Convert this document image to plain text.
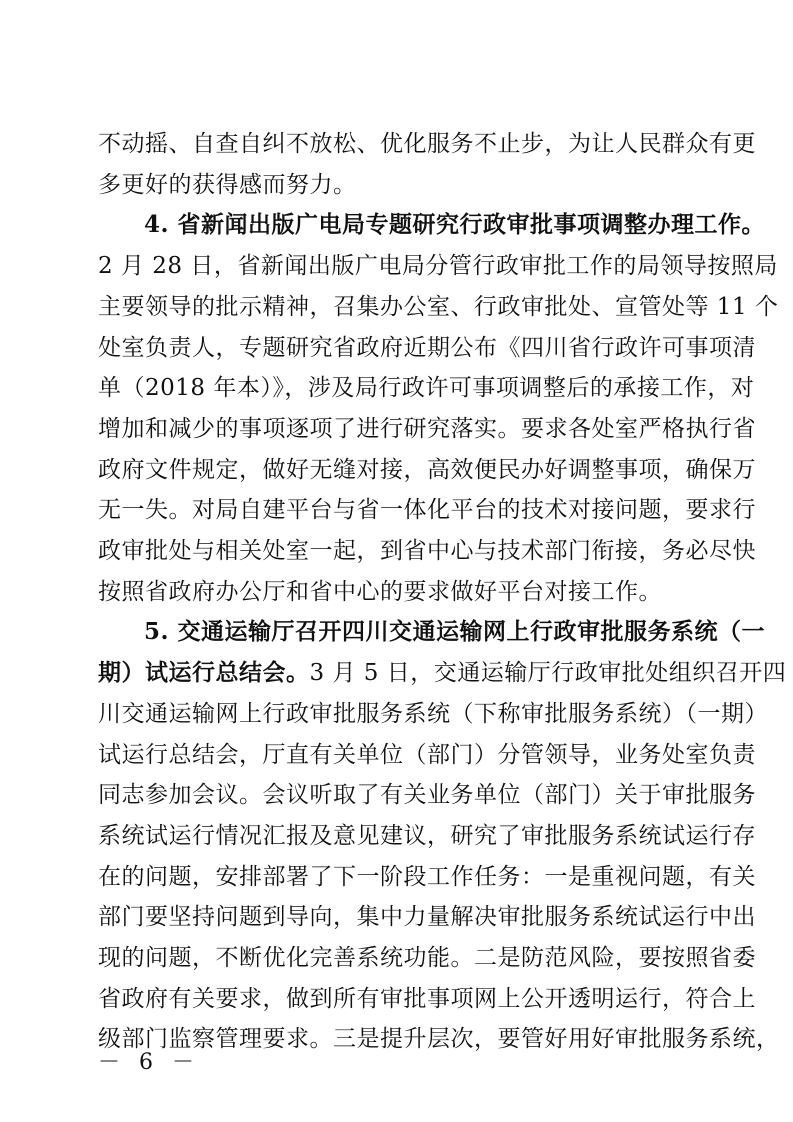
不动摇、自查自纠不放松、优化服务不止步，为让人民群众有更
多更好的获得感而努力。
4. 省新闻出版广电局专题研究行政审批事项调整办理工作。
2 月 28 日，省新闻出版广电局分管行政审批工作的局领导按照局
主要领导的批示精神，召集办公室、行政审批处、宣管处等 11 个
处室负责人，专题研究省政府近期公布《四川省行政许可事项清
单（2018 年本）》，涉及局行政许可事项调整后的承接工作，对
增加和减少的事项逐项了进行研究落实。要求各处室严格执行省
政府文件规定，做好无缝对接，高效便民办好调整事项，确保万
无一失。对局自建平台与省一体化平台的技术对接问题，要求行
政审批处与相关处室一起，到省中心与技术部门衔接，务必尽快
按照省政府办公厅和省中心的要求做好平台对接工作。
5. 交通运输厅召开四川交通运输网上行政审批服务系统（一
期）试运行总结会。3 月 5 日，交通运输厅行政审批处组织召开四
川交通运输网上行政审批服务系统（下称审批服务系统）（一期）
试运行总结会，厅直有关单位（部门）分管领导，业务处室负责
同志参加会议。会议听取了有关业务单位（部门）关于审批服务
系统试运行情况汇报及意见建议，研究了审批服务系统试运行存
在的问题，安排部署了下一阶段工作任务：一是重视问题，有关
部门要坚持问题到导向，集中力量解决审批服务系统试运行中出
现的问题，不断优化完善系统功能。二是防范风险，要按照省委
省政府有关要求，做到所有审批事项网上公开透明运行，符合上
级部门监察管理要求。三是提升层次，要管好用好审批服务系统，
－ 6 －
